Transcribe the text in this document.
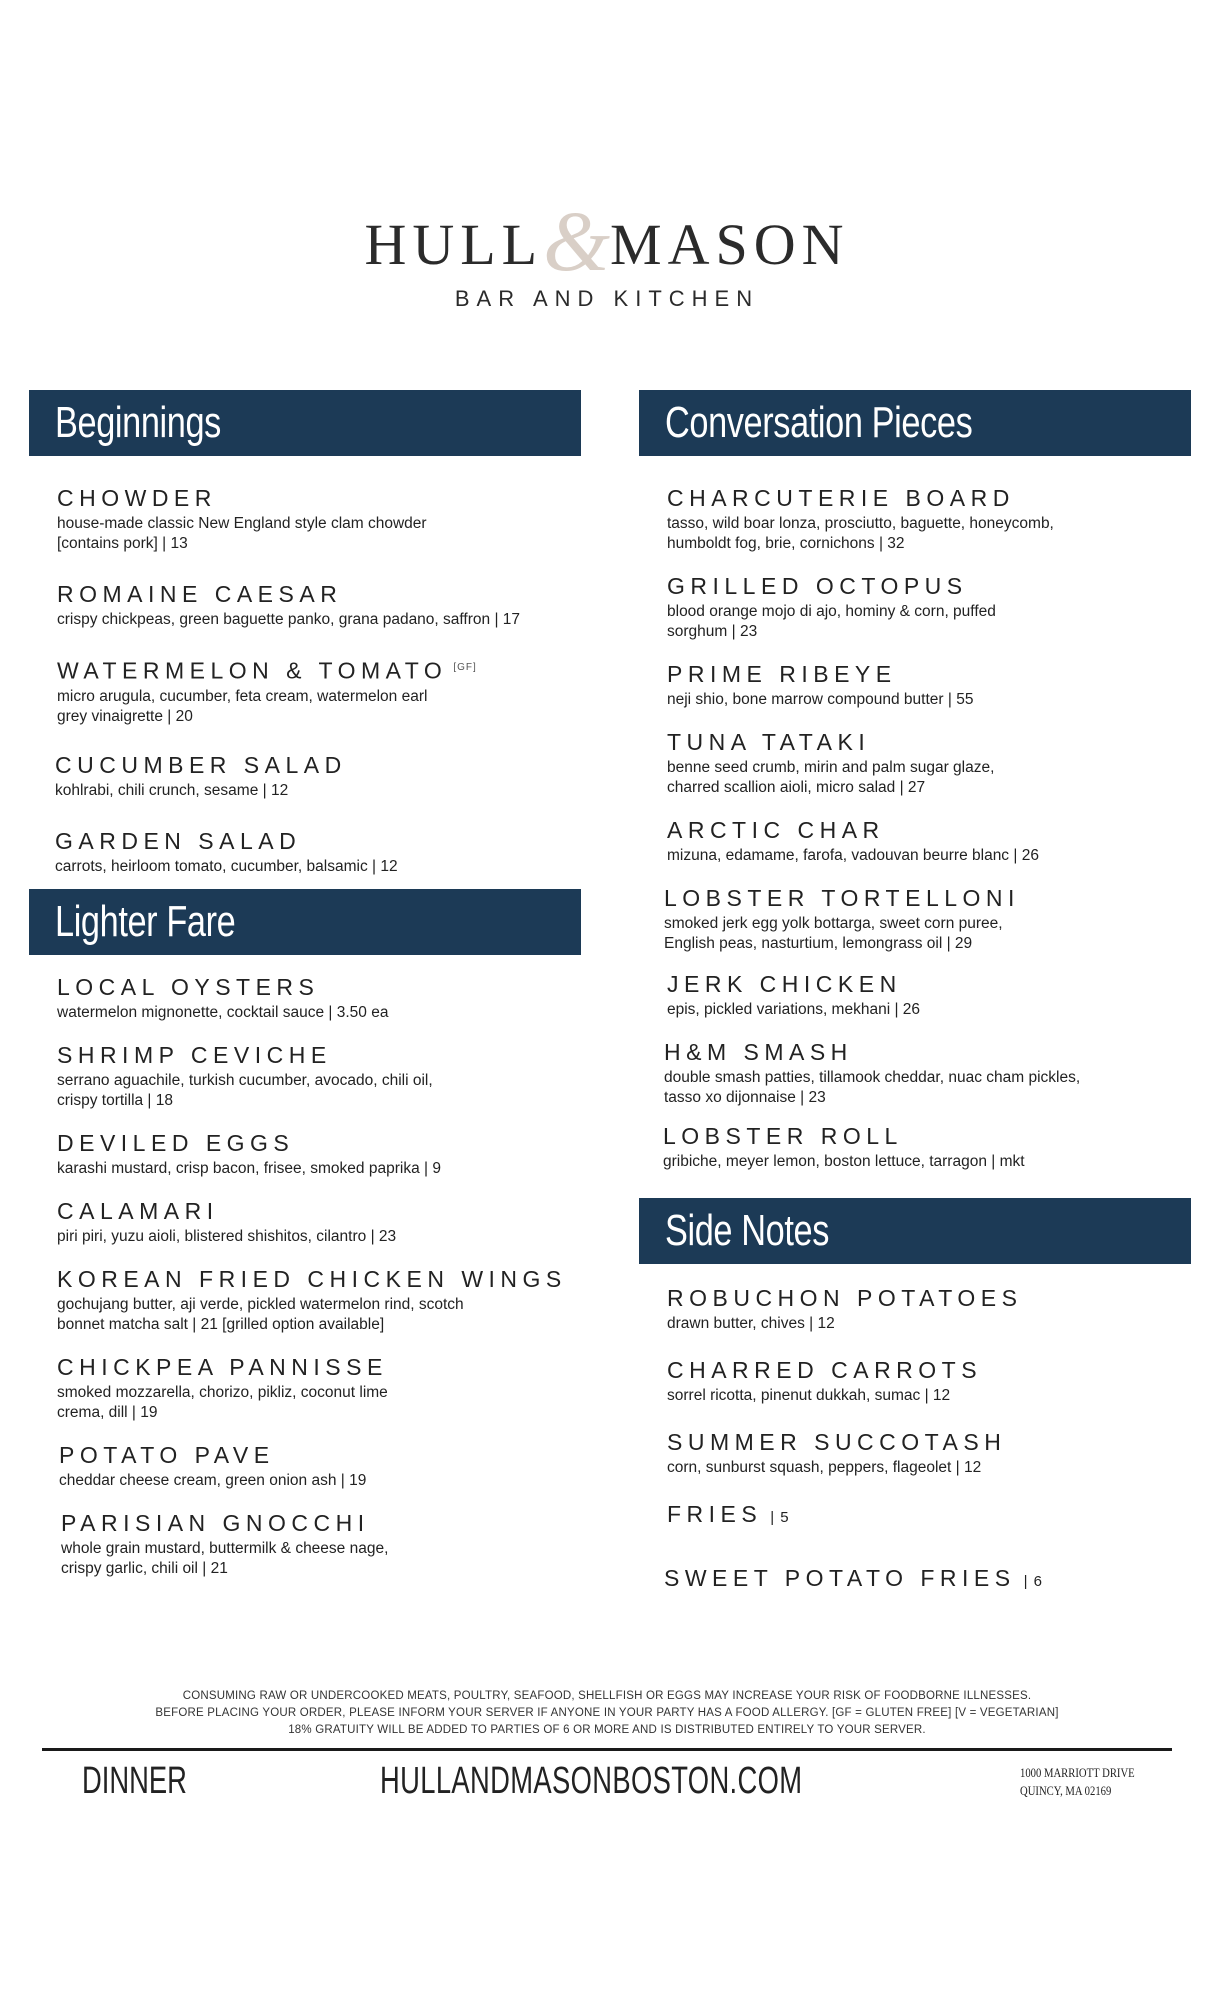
HULL&MASON
BAR AND KITCHEN
Beginnings
CHOWDER
house-made classic New England style clam chowder
[contains pork] | 13
ROMAINE CAESAR
crispy chickpeas, green baguette panko, grana padano, saffron | 17
WATERMELON & TOMATO [GF]
micro arugula, cucumber, feta cream, watermelon earl
grey vinaigrette | 20
CUCUMBER SALAD
kohlrabi, chili crunch, sesame | 12
GARDEN SALAD
carrots, heirloom tomato, cucumber, balsamic | 12
Lighter Fare
LOCAL OYSTERS
watermelon mignonette, cocktail sauce | 3.50 ea
SHRIMP CEVICHE
serrano aguachile, turkish cucumber, avocado, chili oil,
crispy tortilla | 18
DEVILED EGGS
karashi mustard, crisp bacon, frisee, smoked paprika | 9
CALAMARI
piri piri, yuzu aioli, blistered shishitos, cilantro | 23
KOREAN FRIED CHICKEN WINGS
gochujang butter, aji verde, pickled watermelon rind, scotch
bonnet matcha salt | 21 [grilled option available]
CHICKPEA PANNISSE
smoked mozzarella, chorizo, pikliz, coconut lime
crema, dill | 19
POTATO PAVE
cheddar cheese cream, green onion ash | 19
PARISIAN GNOCCHI
whole grain mustard, buttermilk & cheese nage,
crispy garlic, chili oil | 21
Conversation Pieces
CHARCUTERIE BOARD
tasso, wild boar lonza, prosciutto, baguette, honeycomb,
humboldt fog, brie, cornichons | 32
GRILLED OCTOPUS
blood orange mojo di ajo, hominy & corn, puffed
sorghum | 23
PRIME RIBEYE
neji shio, bone marrow compound butter | 55
TUNA TATAKI
benne seed crumb, mirin and palm sugar glaze,
charred scallion aioli, micro salad | 27
ARCTIC CHAR
mizuna, edamame, farofa, vadouvan beurre blanc | 26
LOBSTER TORTELLONI
smoked jerk egg yolk bottarga, sweet corn puree,
English peas, nasturtium, lemongrass oil | 29
JERK CHICKEN
epis, pickled variations, mekhani | 26
H&M SMASH
double smash patties, tillamook cheddar, nuac cham pickles,
tasso xo dijonnaise | 23
LOBSTER ROLL
gribiche, meyer lemon, boston lettuce, tarragon | mkt
Side Notes
ROBUCHON POTATOES
drawn butter, chives | 12
CHARRED CARROTS
sorrel ricotta, pinenut dukkah, sumac | 12
SUMMER SUCCOTASH
corn, sunburst squash, peppers, flageolet | 12
FRIES | 5
SWEET POTATO FRIES | 6
CONSUMING RAW OR UNDERCOOKED MEATS, POULTRY, SEAFOOD, SHELLFISH OR EGGS MAY INCREASE YOUR RISK OF FOODBORNE ILLNESSES.
BEFORE PLACING YOUR ORDER, PLEASE INFORM YOUR SERVER IF ANYONE IN YOUR PARTY HAS A FOOD ALLERGY. [GF = GLUTEN FREE] [V = VEGETARIAN]
18% GRATUITY WILL BE ADDED TO PARTIES OF 6 OR MORE AND IS DISTRIBUTED ENTIRELY TO YOUR SERVER.
DINNER	HULLANDMASONBOSTON.COM	1000 MARRIOTT DRIVE
QUINCY, MA 02169
